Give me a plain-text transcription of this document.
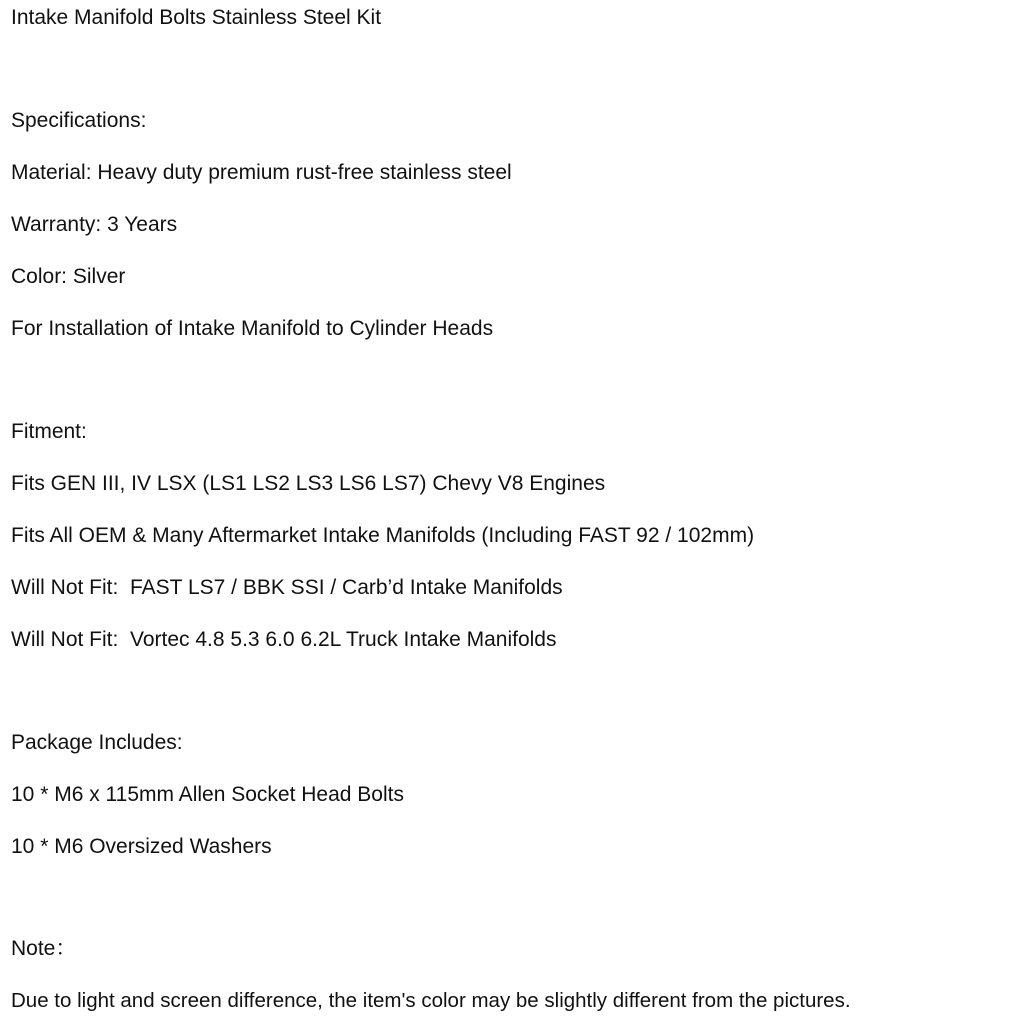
Intake Manifold Bolts Stainless Steel Kit
Specifications:
Material: Heavy duty premium rust-free stainless steel
Warranty: 3 Years
Color: Silver
For Installation of Intake Manifold to Cylinder Heads
Fitment:
Fits GEN III, IV LSX (LS1 LS2 LS3 LS6 LS7) Chevy V8 Engines
Fits All OEM & Many Aftermarket Intake Manifolds (Including FAST 92 / 102mm)
Will Not Fit:  FAST LS7 / BBK SSI / Carb’d Intake Manifolds
Will Not Fit:  Vortec 4.8 5.3 6.0 6.2L Truck Intake Manifolds
Package Includes:
10 * M6 x 115mm Allen Socket Head Bolts
10 * M6 Oversized Washers
Note：
Due to light and screen difference, the item's color may be slightly different from the pictures.
